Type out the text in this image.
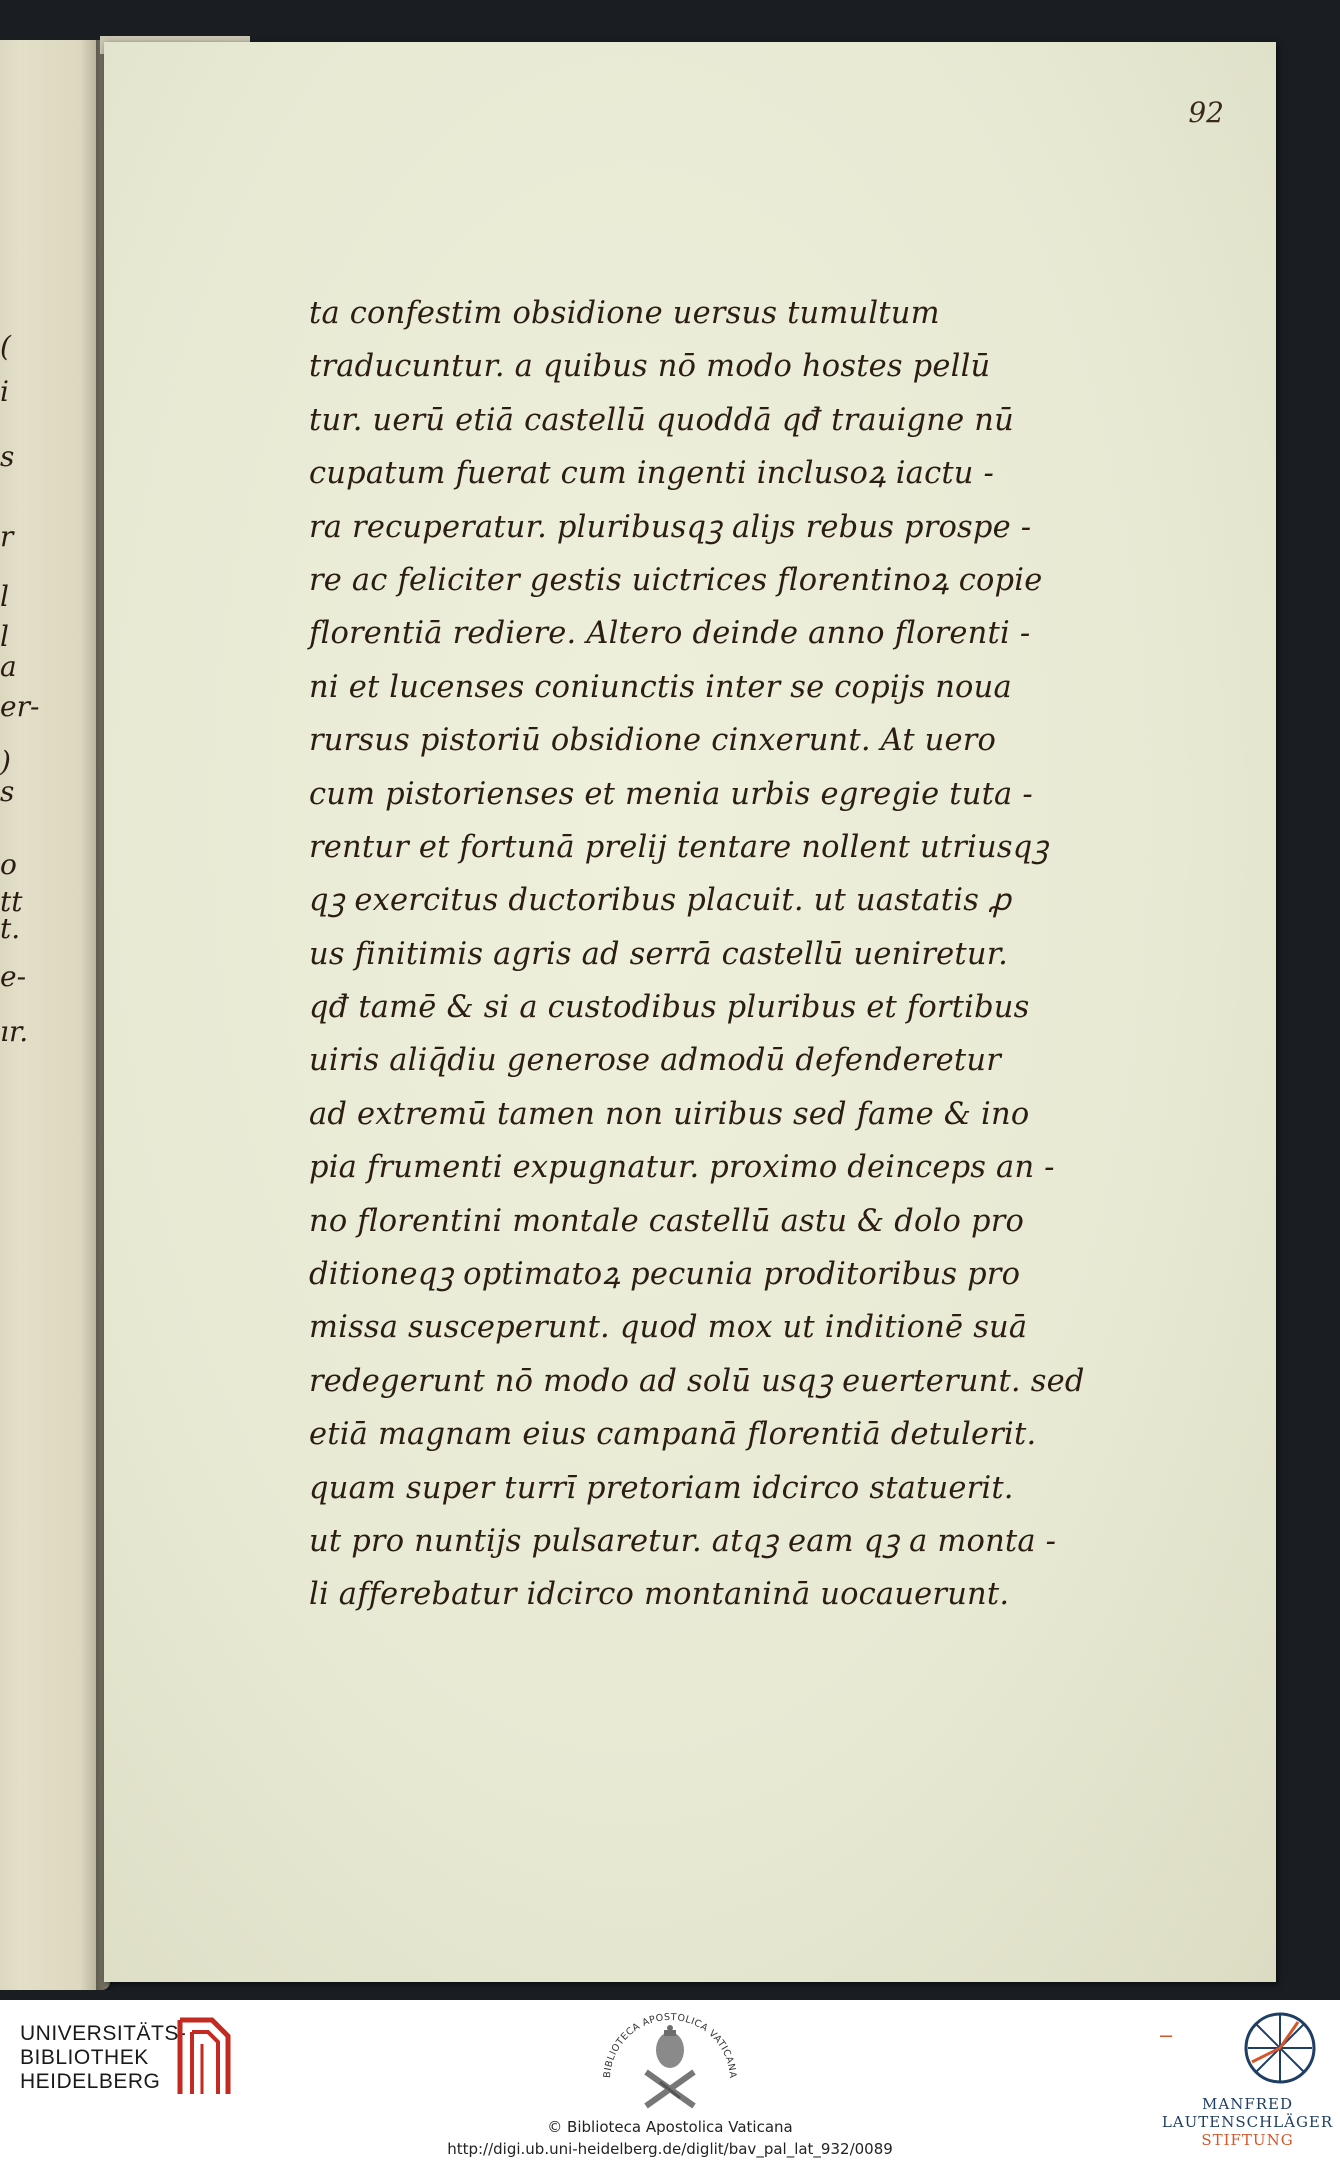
(
i
s
r
l
l
a
er-
)
s
o
tt
t.
e-
ır.
92
ta confestim obsidione uersus tumultum
traducuntur. a quibus nō modo hostes pellū
tur. uerū etiā castellū quoddā qđ trauigne nū
cupatum fuerat cum ingenti inclusoꝝ iactu -
ra recuperatur. pluribusqꝫ aliȷs rebus prospe -
re ac feliciter gestis uictrices florentinoꝝ copie
florentiā rediere. Altero deinde anno florenti -
ni et lucenses coniunctis inter se copijs noua
rursus pistoriū obsidione cinxerunt. At uero
cum pistorienses et menia urbis egregie tuta -
rentur et fortunā prelij tentare nollent utriusqꝫ
qꝫ exercitus ductoribus placuit. ut uastatis ꝓ
us finitimis agris ad serrā castellū ueniretur.
qđ tamē & si a custodibus pluribus et fortibus
uiris aliq̄diu generose admodū defenderetur
ad extremū tamen non uiribus sed fame & ino
pia frumenti expugnatur. proximo deinceps an -
no florentini montale castellū astu & dolo pro
ditioneqꝫ optimatoꝝ pecunia proditoribus pro
missa susceperunt. quod mox ut inditionē suā
redegerunt nō modo ad solū usqꝫ euerterunt. sed
etiā magnam eius campanā florentiā detulerit.
quam super turrī pretoriam idcirco statuerit.
ut pro nuntijs pulsaretur. atqꝫ eam qꝫ a monta -
li afferebatur idcirco montaninā uocauerunt.
UNIVERSITÄTS-
BIBLIOTHEK
HEIDELBERG	BIBLIOTECA APOSTOLICA VATICANA
© Biblioteca Apostolica Vaticana
http://digi.ub.uni-heidelberg.de/diglit/bav_pal_lat_932/0089
–
MANFRED
LAUTENSCHLÄGER
STIFTUNG
